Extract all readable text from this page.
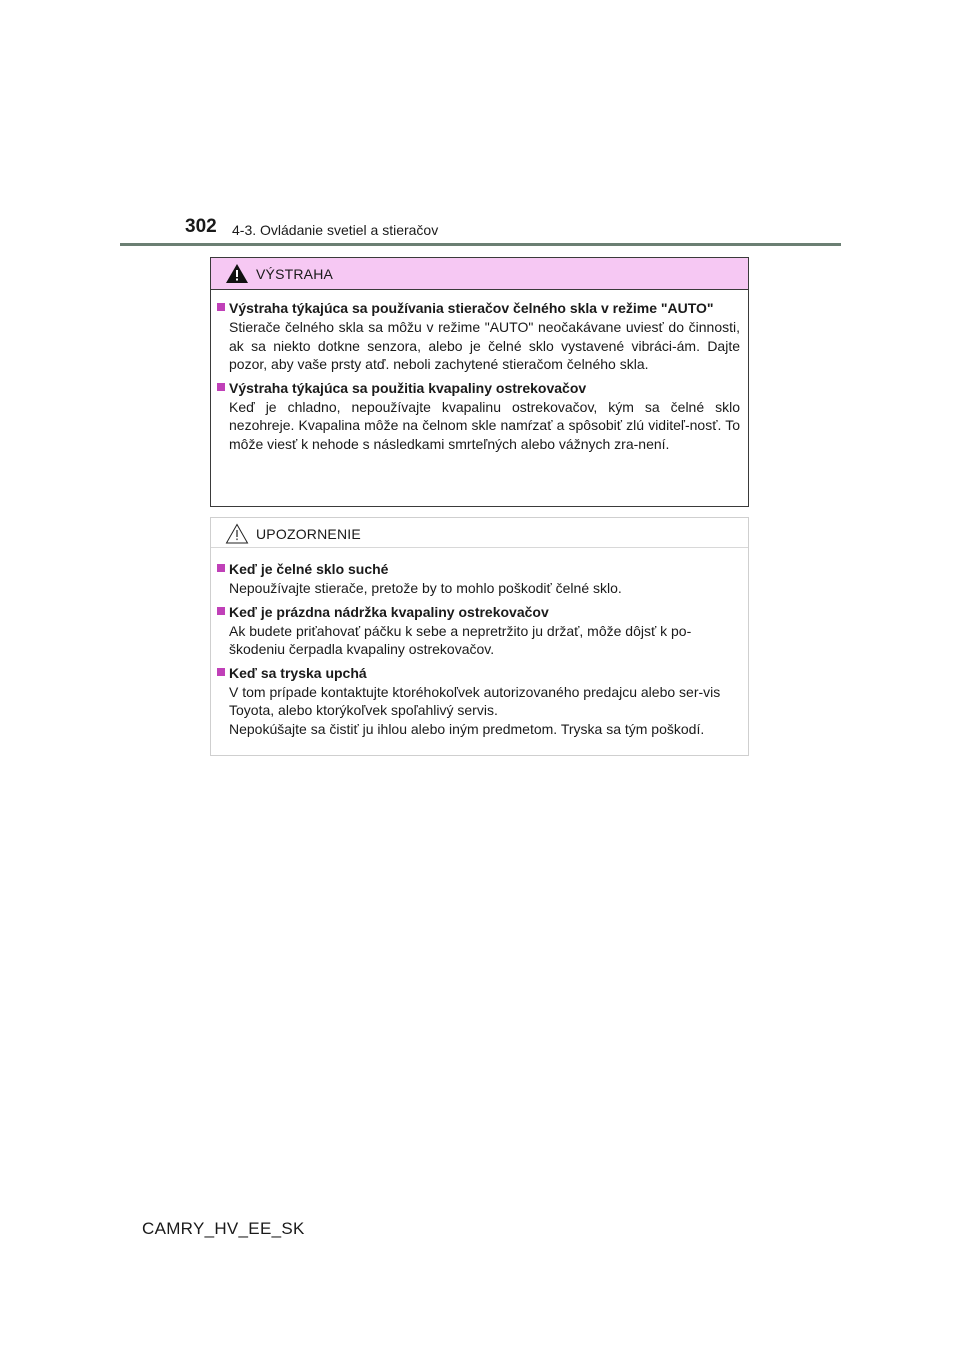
302 4-3. Ovládanie svetiel a stieračov
VÝSTRAHA
Výstraha týkajúca sa používania stieračov čelného skla v režime "AUTO"

Stierače čelného skla sa môžu v režime "AUTO" neočakávane uviesť do činnosti, ak sa niekto dotkne senzora, alebo je čelné sklo vystavené vibráci-ám. Dajte pozor, aby vaše prsty atď. neboli zachytené stieračom čelného skla.

Výstraha týkajúca sa použitia kvapaliny ostrekovačov

Keď je chladno, nepoužívajte kvapalinu ostrekovačov, kým sa čelné sklo nezohreje. Kvapalina môže na čelnom skle namŕzať a spôsobiť zlú viditeľ-nosť. To môže viesť k nehode s následkami smrteľných alebo vážnych zra-není.

UPOZORNENIE
Keď je čelné sklo suché

Nepoužívajte stierače, pretože by to mohlo poškodiť čelné sklo.

Keď je prázdna nádržka kvapaliny ostrekovačov

Ak budete priťahovať páčku k sebe a nepretržito ju držať, môže dôjsť k po-škodeniu čerpadla kvapaliny ostrekovačov.

Keď sa tryska upchá

V tom prípade kontaktujte ktoréhokoľvek autorizovaného predajcu alebo ser-vis Toyota, alebo ktorýkoľvek spoľahlivý servis.

Nepokúšajte sa čistiť ju ihlou alebo iným predmetom. Tryska sa tým poškodí.

CAMRY_HV_EE_SK
